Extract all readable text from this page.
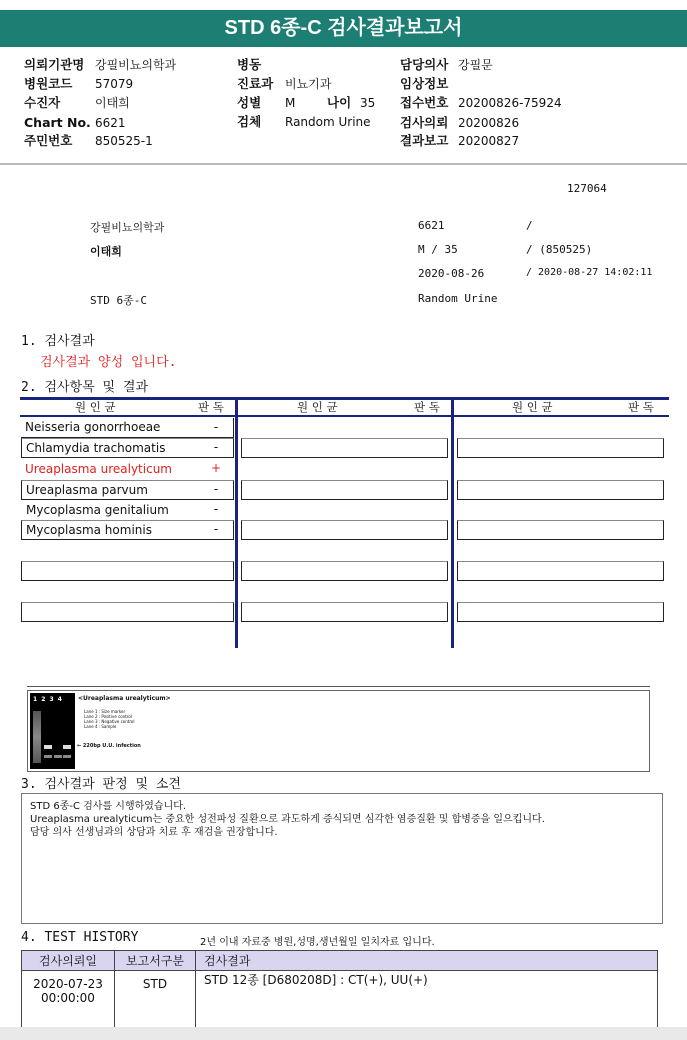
STD 6종-C 검사결과보고서
의뢰기관명 강필비뇨의학과
병원코드 57079
수진자	이태희
Chart No. 6621
주민번호 850525-1
병동
진료과 비뇨기과
성별 M	나이 35
검체 Random Urine
담당의사 강필문
임상정보
접수번호 20200826-75924
검사의뢰 20200826
결과보고 20200827
127064
강필비뇨의학과
이태희
STD 6종-C
6621	/
M / 35	/ (850525)
2020-08-26	/ 2020-08-27 14:02:11
Random Urine
1. 검사결과
검사결과 양성 입니다.
2. 검사항목 및 결과
원 인 균	판 독	원 인 균	판 독	원 인 균	판 독
Neisseria gonorrhoeae	-
Chlamydia trachomatis	-
Ureaplasma urealyticum	+
Ureaplasma parvum	-
Mycoplasma genitalium	-
Mycoplasma hominis	-
1 2 3 4	<Ureaplasma urealyticum>
Lane 1 : Size marker
Lane 2 : Positive control
Lane 3 : Negative control
Lane 4 : Sample
← 220bp U.U. infection
3. 검사결과 판정 및 소견
STD 6종-C 검사를 시행하였습니다.
Ureaplasma urealyticum는 중요한 성전파성 질환으로 과도하게 증식되면 심각한 염증질환 및 합병증을 일으킵니다.
담당 의사 선생님과의 상담과 치료 후 재검을 권장합니다.
4. TEST HISTORY	2년 이내 자료중 병원,성명,생년월일 일치자료 입니다.
검사의뢰일	보고서구분	검사결과

2020-07-23
00:00:00	STD	STD 12종 [D680208D] : CT(+), UU(+)
